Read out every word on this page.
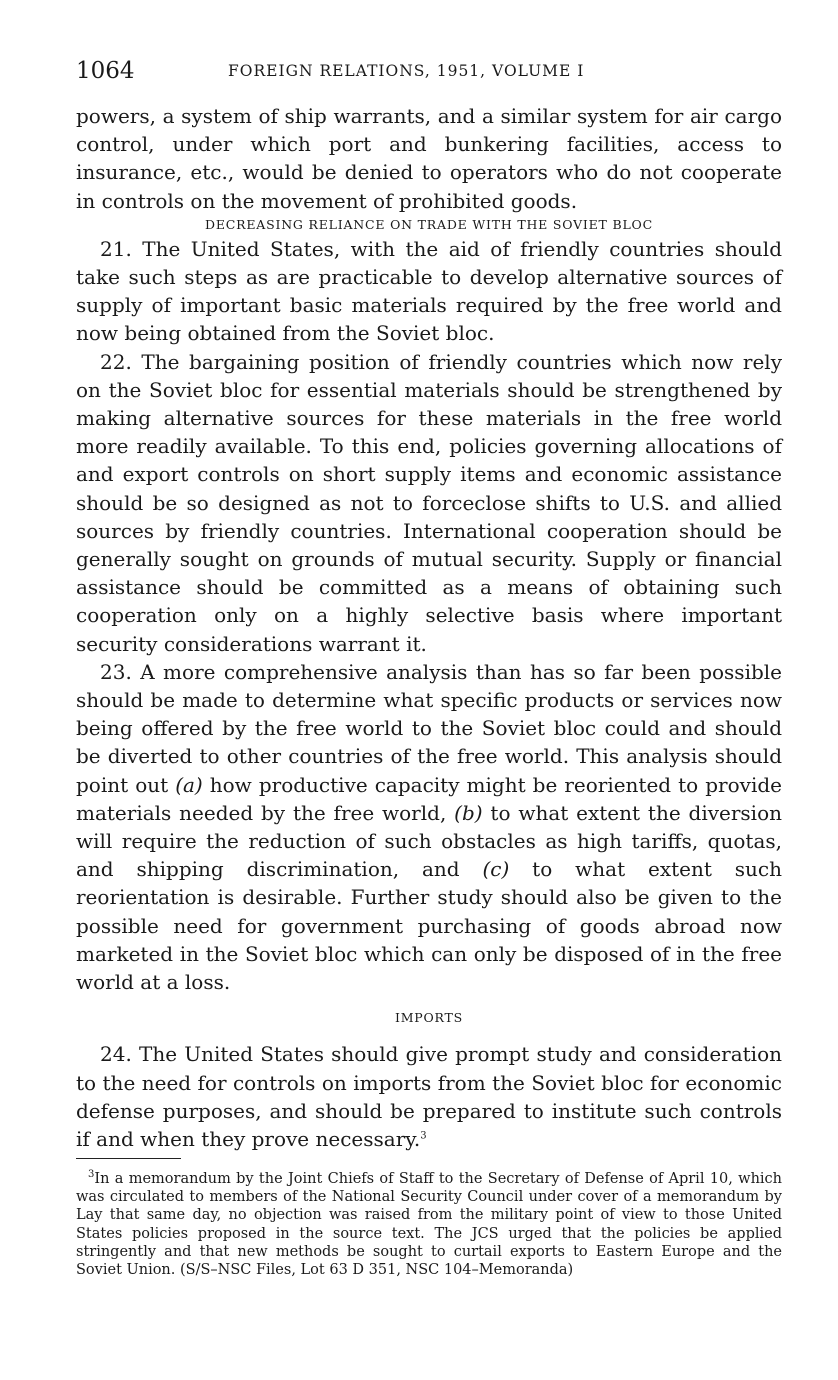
1064	FOREIGN RELATIONS, 1951, VOLUME I

powers, a system of ship warrants, and a similar system for air cargo control, under which port and bunkering facilities, access to insurance, etc., would be denied to operators who do not cooperate in controls on the movement of prohibited goods.

DECREASING RELIANCE ON TRADE WITH THE SOVIET BLOC

21. The United States, with the aid of friendly countries should take such steps as are practicable to develop alternative sources of supply of important basic materials required by the free world and now being obtained from the Soviet bloc.

22. The bargaining position of friendly countries which now rely on the Soviet bloc for essential materials should be strengthened by making alternative sources for these materials in the free world more readily available. To this end, policies governing allocations of and export controls on short supply items and economic assistance should be so designed as not to forceclose shifts to U.S. and allied sources by friendly countries. International cooperation should be generally sought on grounds of mutual security. Supply or financial assistance should be committed as a means of obtaining such cooperation only on a highly selective basis where important security considerations warrant it.

23. A more comprehensive analysis than has so far been possible should be made to determine what specific products or services now being offered by the free world to the Soviet bloc could and should be diverted to other countries of the free world. This analysis should point out (a) how productive capacity might be reoriented to provide materials needed by the free world, (b) to what extent the diversion will require the reduction of such obstacles as high tariffs, quotas, and shipping discrimination, and (c) to what extent such reorientation is desirable. Further study should also be given to the possible need for government purchasing of goods abroad now marketed in the Soviet bloc which can only be disposed of in the free world at a loss.

IMPORTS

24. The United States should give prompt study and consideration to the need for controls on imports from the Soviet bloc for economic defense purposes, and should be prepared to institute such controls if and when they prove necessary.$^3$

$^3$In a memorandum by the Joint Chiefs of Staff to the Secretary of Defense of April 10, which was circulated to members of the National Security Council under cover of a memorandum by Lay that same day, no objection was raised from the military point of view to those United States policies proposed in the source text. The JCS urged that the policies be applied stringently and that new methods be sought to curtail exports to Eastern Europe and the Soviet Union. (S/S–NSC Files, Lot 63 D 351, NSC 104–Memoranda)
